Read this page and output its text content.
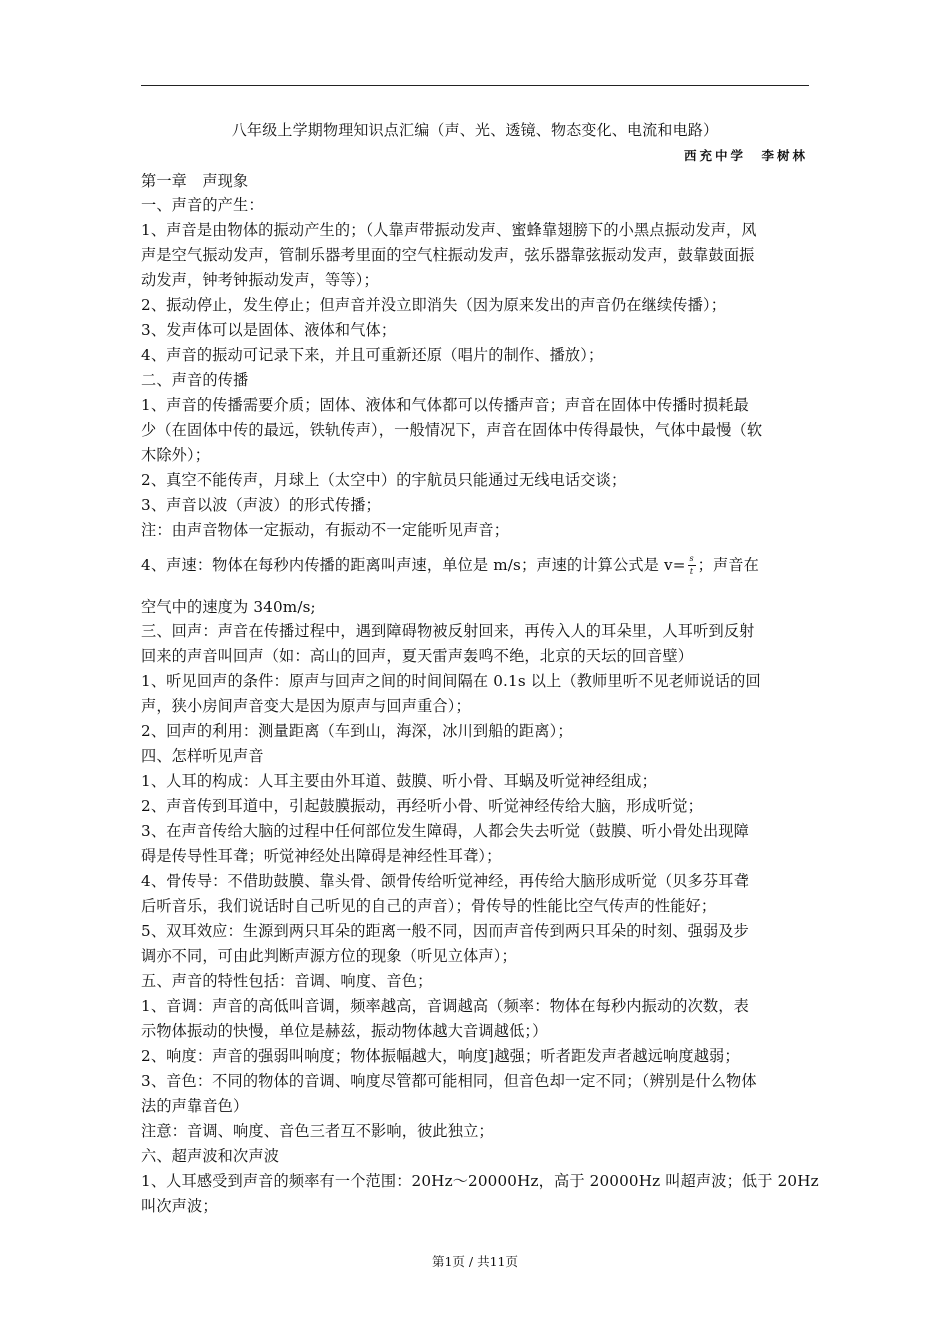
八年级上学期物理知识点汇编（声、光、透镜、物态变化、电流和电路）
西充中学　李树林
第一章　声现象
一、声音的产生：
1、声音是由物体的振动产生的；（人靠声带振动发声、蜜蜂靠翅膀下的小黑点振动发声，风
声是空气振动发声，管制乐器考里面的空气柱振动发声，弦乐器靠弦振动发声，鼓靠鼓面振
动发声，钟考钟振动发声，等等）；
2、振动停止，发生停止；但声音并没立即消失（因为原来发出的声音仍在继续传播）；
3、发声体可以是固体、液体和气体；
4、声音的振动可记录下来，并且可重新还原（唱片的制作、播放）；
二、声音的传播
1、声音的传播需要介质；固体、液体和气体都可以传播声音；声音在固体中传播时损耗最
少（在固体中传的最远，铁轨传声），一般情况下，声音在固体中传得最快，气体中最慢（软
木除外）；
2、真空不能传声，月球上（太空中）的宇航员只能通过无线电话交谈；
3、声音以波（声波）的形式传播；
注：由声音物体一定振动，有振动不一定能听见声音；
空气中的速度为 340m/s;
三、回声：声音在传播过程中，遇到障碍物被反射回来，再传入人的耳朵里，人耳听到反射
回来的声音叫回声（如：高山的回声，夏天雷声轰鸣不绝，北京的天坛的回音壁）
1、听见回声的条件：原声与回声之间的时间间隔在 0.1s 以上（教师里听不见老师说话的回
声，狭小房间声音变大是因为原声与回声重合）；
2、回声的利用：测量距离（车到山，海深，冰川到船的距离）；
四、怎样听见声音
1、人耳的构成：人耳主要由外耳道、鼓膜、听小骨、耳蜗及听觉神经组成；
2、声音传到耳道中，引起鼓膜振动，再经听小骨、听觉神经传给大脑，形成听觉；
3、在声音传给大脑的过程中任何部位发生障碍，人都会失去听觉（鼓膜、听小骨处出现障
碍是传导性耳聋；听觉神经处出障碍是神经性耳聋）；
4、骨传导：不借助鼓膜、靠头骨、颌骨传给听觉神经，再传给大脑形成听觉（贝多芬耳聋
后听音乐，我们说话时自己听见的自己的声音）；骨传导的性能比空气传声的性能好；
5、双耳效应：生源到两只耳朵的距离一般不同，因而声音传到两只耳朵的时刻、强弱及步
调亦不同，可由此判断声源方位的现象（听见立体声）；
五、声音的特性包括：音调、响度、音色；
1、音调：声音的高低叫音调，频率越高，音调越高（频率：物体在每秒内振动的次数，表
示物体振动的快慢，单位是赫兹，振动物体越大音调越低；）
2、响度：声音的强弱叫响度；物体振幅越大，响度]越强；听者距发声者越远响度越弱；
3、音色：不同的物体的音调、响度尽管都可能相同，但音色却一定不同；（辨别是什么物体
法的声靠音色）
注意：音调、响度、音色三者互不影响，彼此独立；
六、超声波和次声波
1、人耳感受到声音的频率有一个范围：20Hz～20000Hz，高于 20000Hz 叫超声波；低于 20Hz
叫次声波；
4、声速：物体在每秒内传播的距离叫声速，单位是 m/s；声速的计算公式是 $v= \frac{s}{t}$ ；声音在
第1页 / 共11页
